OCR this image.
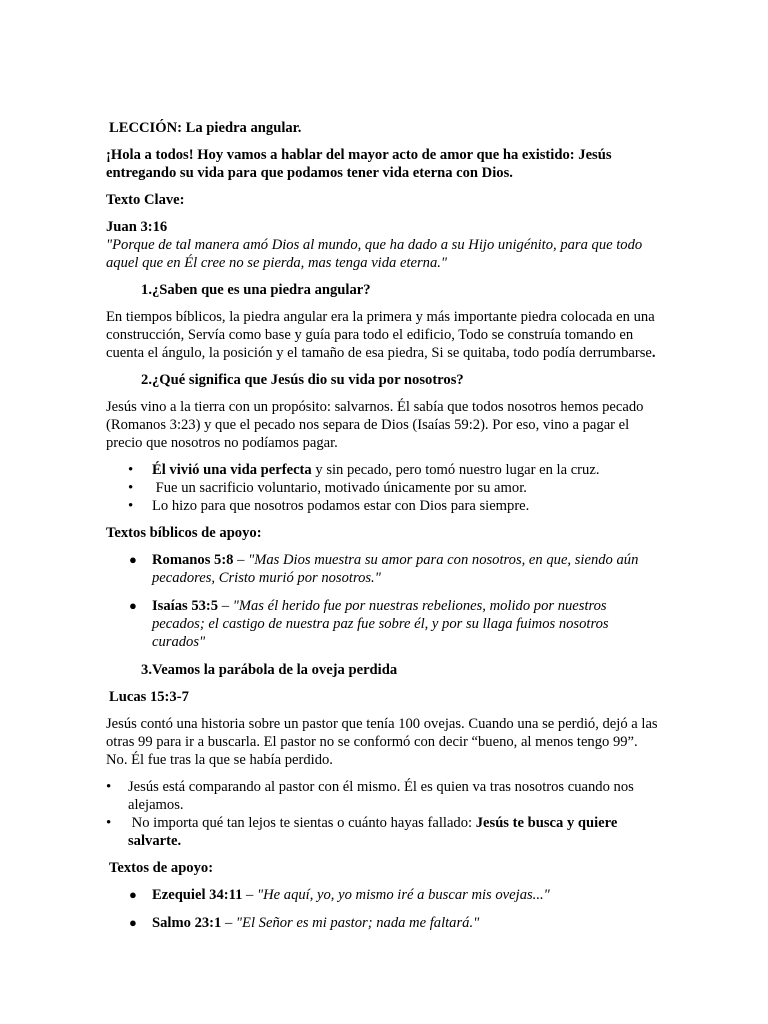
LECCIÓN: La piedra angular.

¡Hola a todos! Hoy vamos a hablar del mayor acto de amor que ha existido: Jesús entregando su vida para que podamos tener vida eterna con Dios.

Texto Clave:

Juan 3:16

"Porque de tal manera amó Dios al mundo, que ha dado a su Hijo unigénito, para que todo aquel que en Él cree no se pierda, mas tenga vida eterna."

1. ¿Saben que es una piedra angular?

En tiempos bíblicos, la piedra angular era la primera y más importante piedra colocada en una construcción, Servía como base y guía para todo el edificio, Todo se construía tomando en cuenta el ángulo, la posición y el tamaño de esa piedra, Si se quitaba, todo podía derrumbarse.

2. ¿Qué significa que Jesús dio su vida por nosotros?

Jesús vino a la tierra con un propósito: salvarnos. Él sabía que todos nosotros hemos pecado (Romanos 3:23) y que el pecado nos separa de Dios (Isaías 59:2). Por eso, vino a pagar el precio que nosotros no podíamos pagar.

• Él vivió una vida perfecta y sin pecado, pero tomó nuestro lugar en la cruz.
• Fue un sacrificio voluntario, motivado únicamente por su amor.
• Lo hizo para que nosotros podamos estar con Dios para siempre.

Textos bíblicos de apoyo:

● Romanos 5:8 – "Mas Dios muestra su amor para con nosotros, en que, siendo aún pecadores, Cristo murió por nosotros."
● Isaías 53:5 – "Mas él herido fue por nuestras rebeliones, molido por nuestros pecados; el castigo de nuestra paz fue sobre él, y por su llaga fuimos nosotros curados"
3. Veamos la parábola de la oveja perdida

Lucas 15:3-7

Jesús contó una historia sobre un pastor que tenía 100 ovejas. Cuando una se perdió, dejó a las otras 99 para ir a buscarla. El pastor no se conformó con decir “bueno, al menos tengo 99”. No. Él fue tras la que se había perdido.

• Jesús está comparando al pastor con él mismo. Él es quien va tras nosotros cuando nos alejamos.
• No importa qué tan lejos te sientas o cuánto hayas fallado: Jesús te busca y quiere salvarte.

Textos de apoyo:

● Ezequiel 34:11 – "He aquí, yo, yo mismo iré a buscar mis ovejas..."
● Salmo 23:1 – "El Señor es mi pastor; nada me faltará."
